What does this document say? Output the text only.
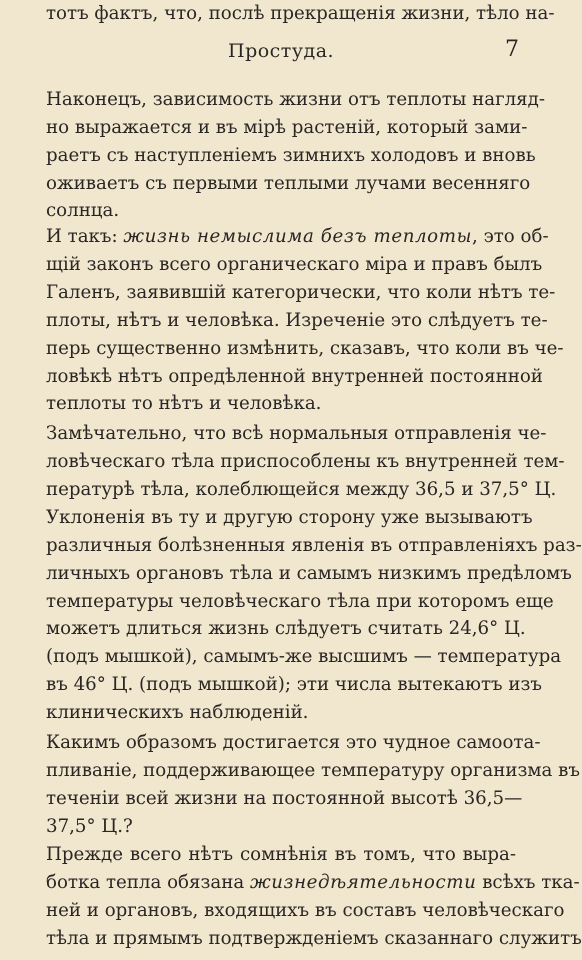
Простуда.	7
Наконецъ, зависимость жизни отъ теплоты нагляд-
но выражается и въ мірѣ растеній, который зами-
раетъ съ наступленіемъ зимнихъ холодовъ и вновь
оживаетъ съ первыми теплыми лучами весенняго
солнца.
И такъ: жизнь немыслима безъ теплоты, это об-
щій законъ всего органическаго міра и правъ былъ
Галенъ, заявившій категорически, что коли нѣтъ те-
плоты, нѣтъ и человѣка. Изреченіе это слѣдуетъ те-
перь существенно измѣнить, сказавъ, что коли въ че-
ловѣкѣ нѣтъ опредѣленной внутренней постоянной
теплоты то нѣтъ и человѣка.
Замѣчательно, что всѣ нормальныя отправленія че-
ловѣческаго тѣла приспособлены къ внутренней тем-
пературѣ тѣла, колеблющейся между 36,5 и 37,5° Ц.
Уклоненія въ ту и другую сторону уже вызываютъ
различныя болѣзненныя явленія въ отправленіяхъ раз-
личныхъ органовъ тѣла и самымъ низкимъ предѣломъ
температуры человѣческаго тѣла при которомъ еще
можетъ длиться жизнь слѣдуетъ считать 24,6° Ц.
(подъ мышкой), самымъ-же высшимъ — температура
въ 46° Ц. (подъ мышкой); эти числа вытекаютъ изъ
клиническихъ наблюденій.
Какимъ образомъ достигается это чудное самоота-
пливаніе, поддерживающее температуру организма въ
теченіи всей жизни на постоянной высотѣ 36,5—
37,5° Ц.?
Прежде всего нѣтъ сомнѣнія въ томъ, что выра-
ботка тепла обязана жизнедѣятельности всѣхъ тка-
ней и органовъ, входящихъ въ составъ человѣческаго
тѣла и прямымъ подтвержденіемъ сказаннаго служитъ
тотъ фактъ, что, послѣ прекращенія жизни, тѣло на-
